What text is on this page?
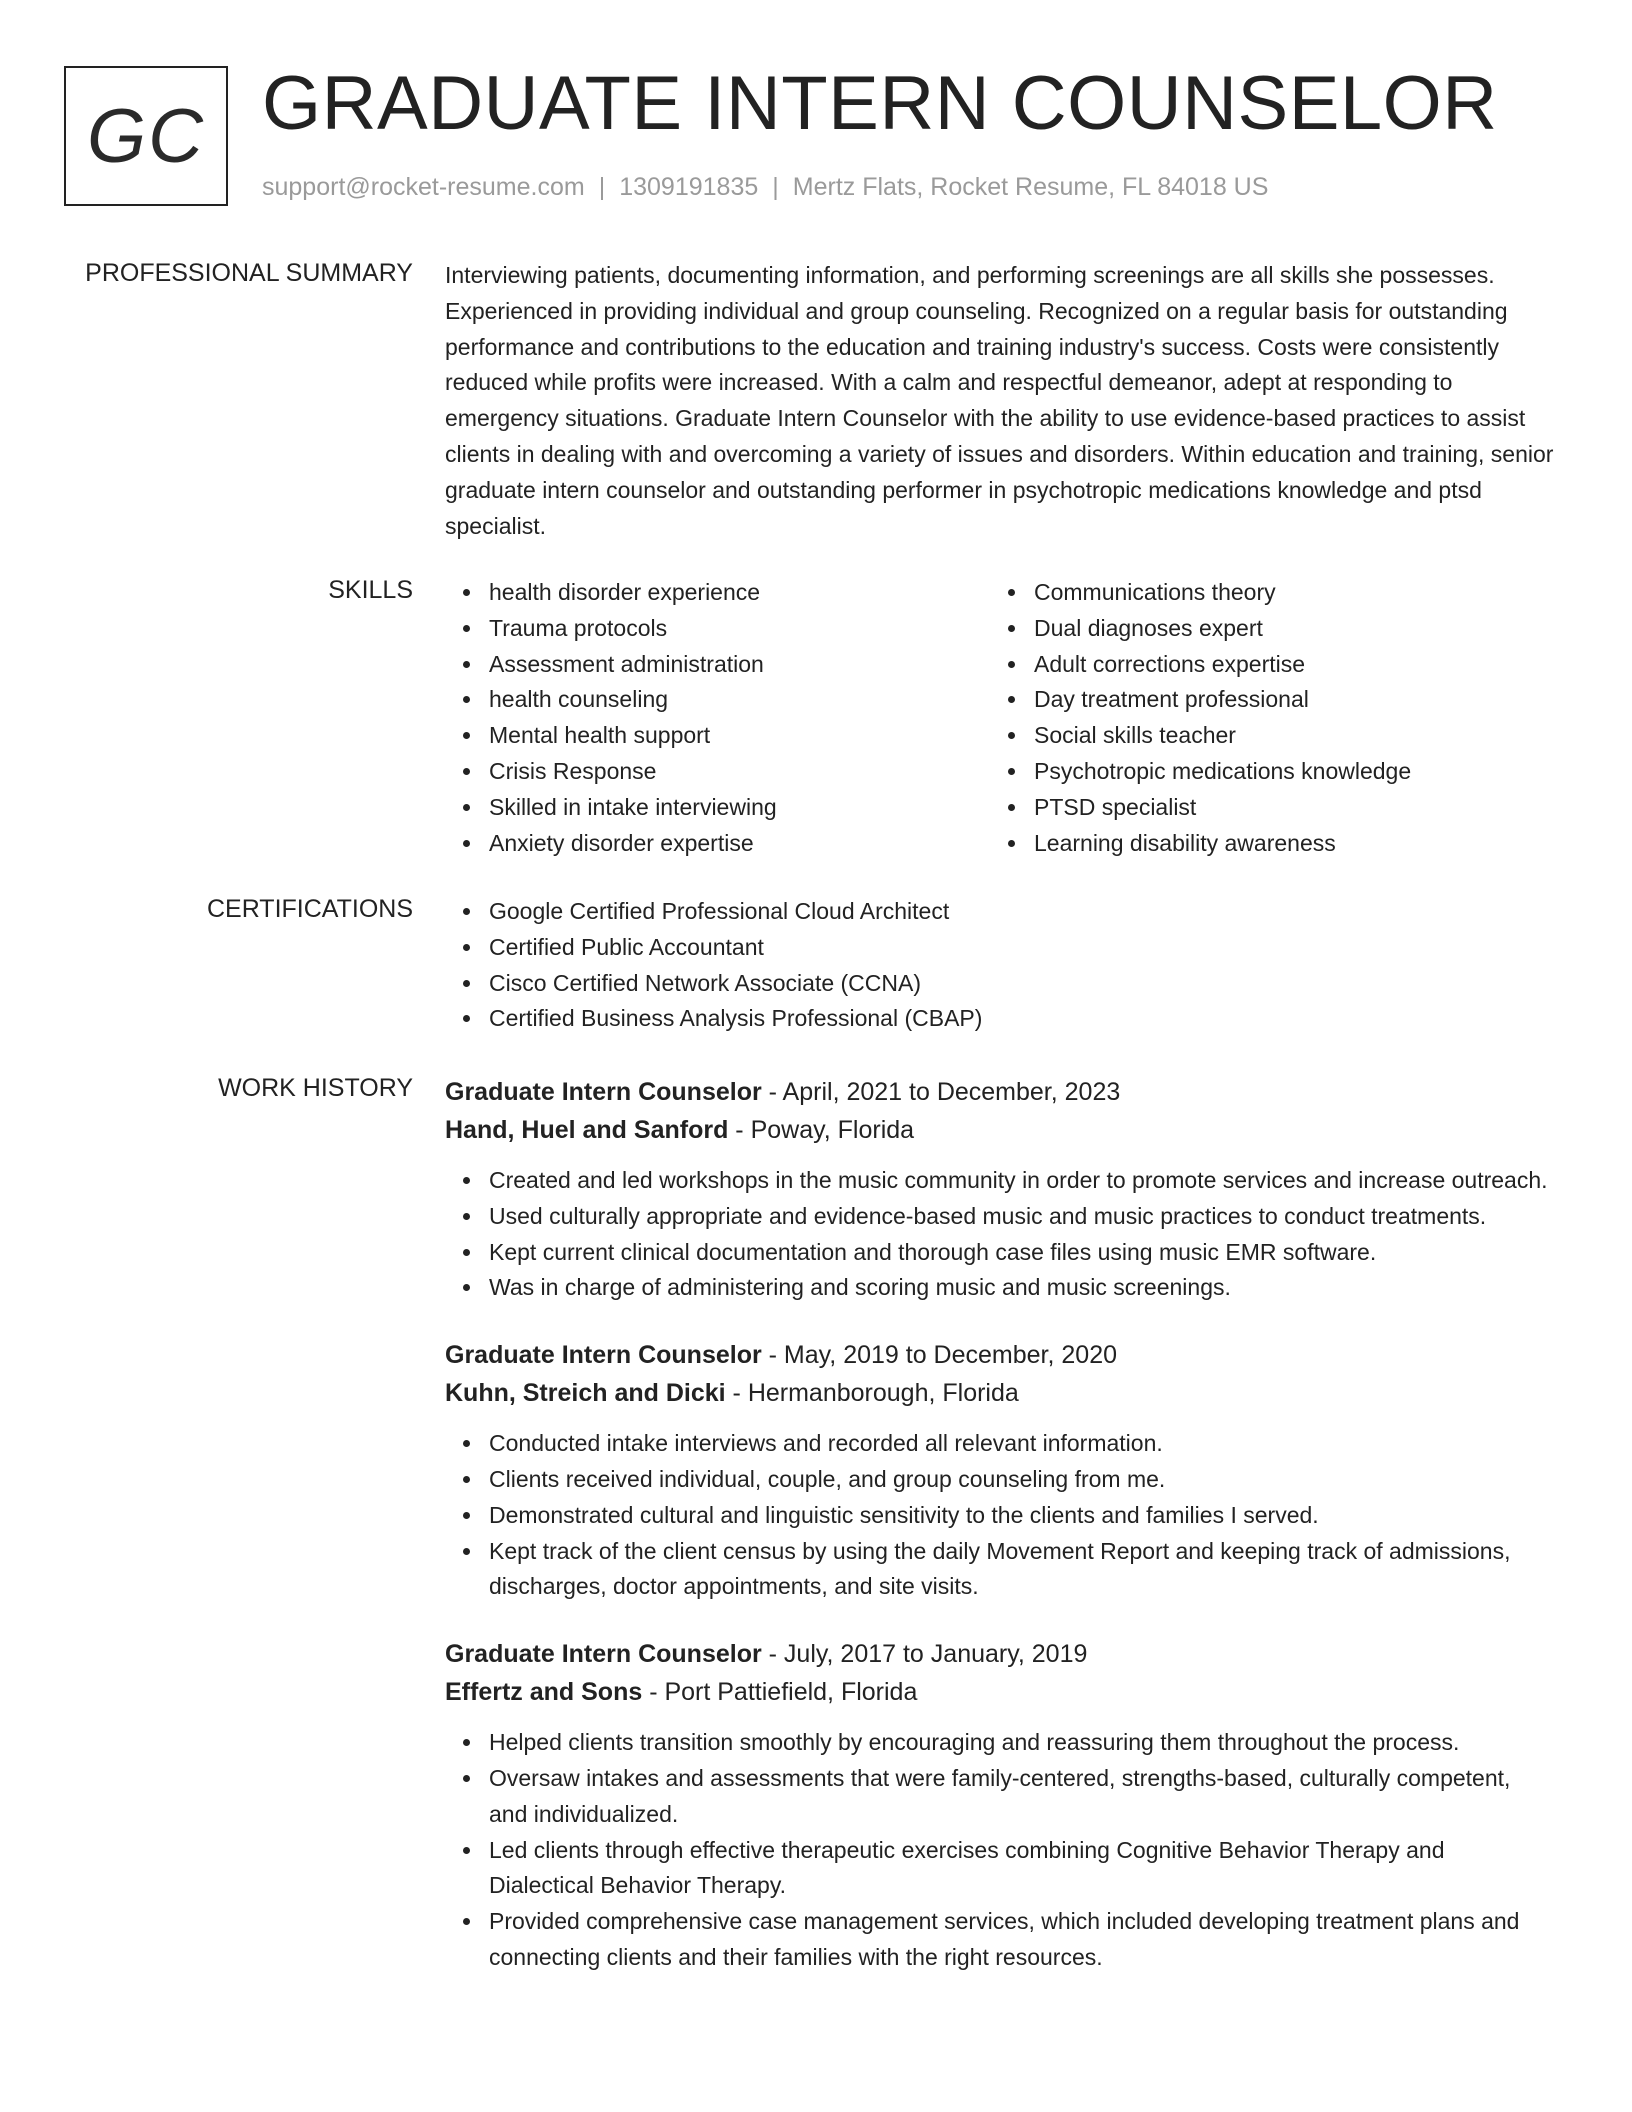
GC GRADUATE INTERN COUNSELOR
support@rocket-resume.com | 1309191835 | Mertz Flats, Rocket Resume, FL 84018 US
PROFESSIONAL SUMMARY Interviewing patients, documenting information, and performing screenings are all skills she possesses. Experienced in providing individual and group counseling. Recognized on a regular basis for outstanding performance and contributions to the education and training industry's success. Costs were consistently reduced while profits were increased. With a calm and respectful demeanor, adept at responding to emergency situations. Graduate Intern Counselor with the ability to use evidence-based practices to assist clients in dealing with and overcoming a variety of issues and disorders. Within education and training, senior graduate intern counselor and outstanding performer in psychotropic medications knowledge and ptsd specialist.

SKILLS	health disorder experience
Trauma protocols
Assessment administration
health counseling
Mental health support
Crisis Response
Skilled in intake interviewing
Anxiety disorder expertise
Communications theory
Dual diagnoses expert
Adult corrections expertise
Day treatment professional
Social skills teacher
Psychotropic medications knowledge
PTSD specialist
Learning disability awareness
CERTIFICATIONS	Google Certified Professional Cloud Architect
Certified Public Accountant
Cisco Certified Network Associate (CCNA)
Certified Business Analysis Professional (CBAP)
WORK HISTORY Graduate Intern Counselor - April, 2021 to December, 2023
Hand, Huel and Sanford - Poway, Florida
Created and led workshops in the music community in order to promote services and increase outreach.
Used culturally appropriate and evidence-based music and music practices to conduct treatments.
Kept current clinical documentation and thorough case files using music EMR software.
Was in charge of administering and scoring music and music screenings.
Graduate Intern Counselor - May, 2019 to December, 2020
Kuhn, Streich and Dicki - Hermanborough, Florida
Conducted intake interviews and recorded all relevant information.
Clients received individual, couple, and group counseling from me.
Demonstrated cultural and linguistic sensitivity to the clients and families I served.
Kept track of the client census by using the daily Movement Report and keeping track of admissions, discharges, doctor appointments, and site visits.
Graduate Intern Counselor - July, 2017 to January, 2019
Effertz and Sons - Port Pattiefield, Florida
Helped clients transition smoothly by encouraging and reassuring them throughout the process.
Oversaw intakes and assessments that were family-centered, strengths-based, culturally competent, and individualized.
Led clients through effective therapeutic exercises combining Cognitive Behavior Therapy and Dialectical Behavior Therapy.
Provided comprehensive case management services, which included developing treatment plans and connecting clients and their families with the right resources.
